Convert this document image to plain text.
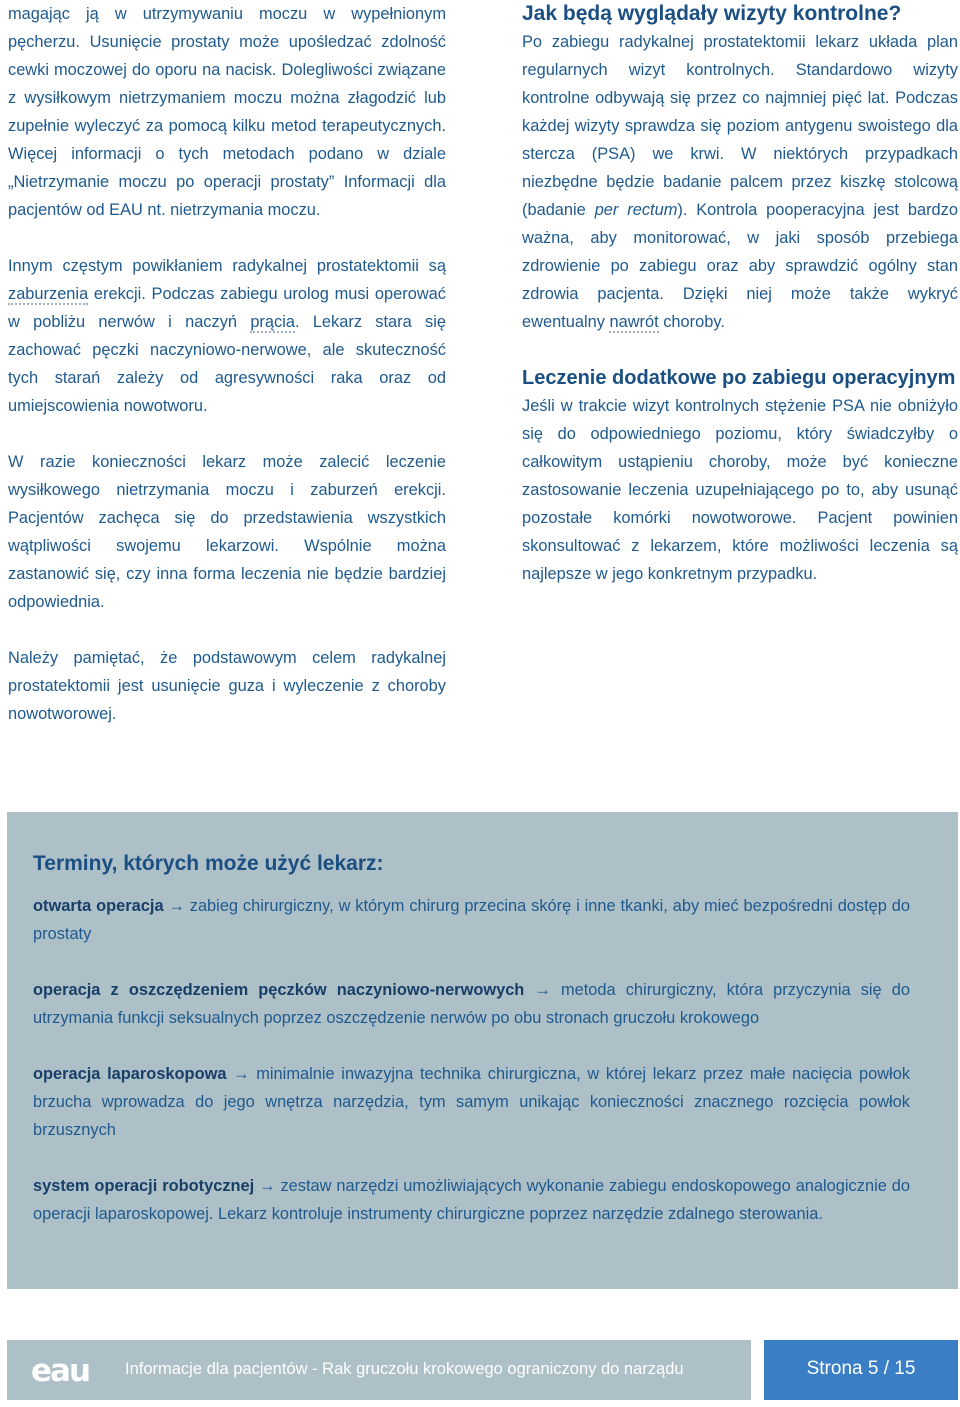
magając ją w utrzymywaniu moczu w wypełnionym pęcherzu. Usunięcie prostaty może upośledzać zdolność cewki moczowej do oporu na nacisk. Dolegliwości związane z wysiłkowym nietrzymaniem moczu można złagodzić lub zupełnie wyleczyć za pomocą kilku metod terapeutycznych. Więcej informacji o tych metodach podano w dziale „Nietrzymanie moczu po operacji prostaty” Informacji dla pacjentów od EAU nt. nietrzymania moczu.

Innym częstym powikłaniem radykalnej prostatektomii są zaburzenia erekcji. Podczas zabiegu urolog musi operować w pobliżu nerwów i naczyń prącia. Lekarz stara się zachować pęczki naczyniowo-nerwowe, ale skuteczność tych starań zależy od agresywności raka oraz od umiejscowienia nowotworu.

W razie konieczności lekarz może zalecić leczenie wysiłkowego nietrzymania moczu i zaburzeń erekcji. Pacjentów zachęca się do przedstawienia wszystkich wątpliwości swojemu lekarzowi. Wspólnie można zastanowić się, czy inna forma leczenia nie będzie bardziej odpowiednia.

Należy pamiętać, że podstawowym celem radykalnej prostatektomii jest usunięcie guza i wyleczenie z choroby nowotworowej.

Jak będą wyglądały wizyty kontrolne?

Po zabiegu radykalnej prostatektomii lekarz układa plan regularnych wizyt kontrolnych. Standardowo wizyty kontrolne odbywają się przez co najmniej pięć lat. Podczas każdej wizyty sprawdza się poziom antygenu swoistego dla stercza (PSA) we krwi. W niektórych przypadkach niezbędne będzie badanie palcem przez kiszkę stolcową (badanie per rectum). Kontrola pooperacyjna jest bardzo ważna, aby monitorować, w jaki sposób przebiega zdrowienie po zabiegu oraz aby sprawdzić ogólny stan zdrowia pacjenta. Dzięki niej może także wykryć ewentualny nawrót choroby.

Leczenie dodatkowe po zabiegu operacyjnym

Jeśli w trakcie wizyt kontrolnych stężenie PSA nie obniżyło się do odpowiedniego poziomu, który świadczyłby o całkowitym ustąpieniu choroby, może być konieczne zastosowanie leczenia uzupełniającego po to, aby usunąć pozostałe komórki nowotworowe. Pacjent powinien skonsultować z lekarzem, które możliwości leczenia są najlepsze w jego konkretnym przypadku.

Terminy, których może użyć lekarz:

otwarta operacja → zabieg chirurgiczny, w którym chirurg przecina skórę i inne tkanki, aby mieć bezpośredni dostęp do prostaty

operacja z oszczędzeniem pęczków naczyniowo-nerwowych → metoda chirurgiczny, która przyczynia się do utrzymania funkcji seksualnych poprzez oszczędzenie nerwów po obu stronach gruczołu krokowego

operacja laparoskopowa → minimalnie inwazyjna technika chirurgiczna, w której lekarz przez małe nacięcia powłok brzucha wprowadza do jego wnętrza narzędzia, tym samym unikając konieczności znacznego rozcięcia powłok brzusznych

system operacji robotycznej → zestaw narzędzi umożliwiających wykonanie zabiegu endoskopowego analogicznie do operacji laparoskopowej. Lekarz kontroluje instrumenty chirurgiczne poprzez narzędzie zdalnego sterowania.

eau Informacje dla pacjentów - Rak gruczołu krokowego ograniczony do narządu	Strona 5 / 15
